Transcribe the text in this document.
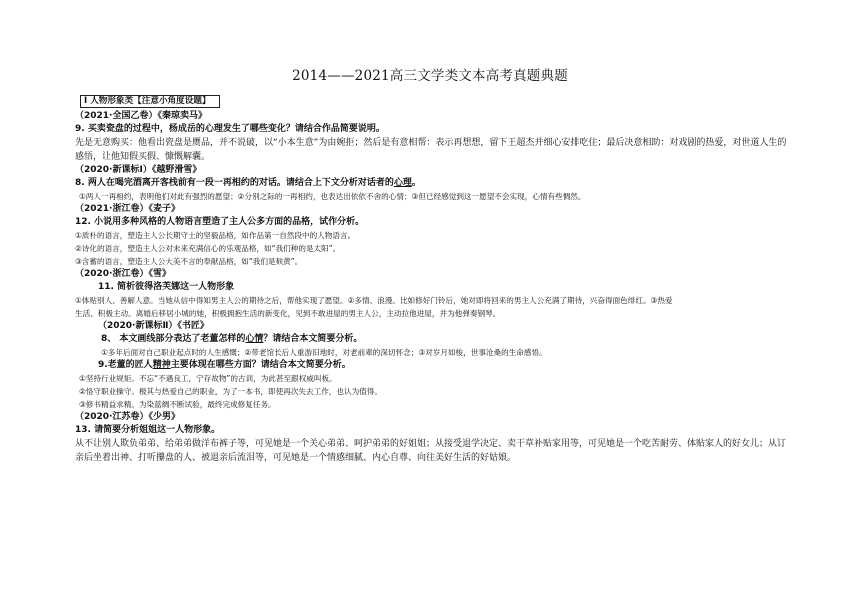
2014——2021高三文学类文本高考真题典题
Ⅰ 人物形象类【注意小角度设题】
（2021·全国乙卷）《秦琼卖马》
9. 买卖瓷盘的过程中，杨成岳的心理发生了哪些变化？请结合作品简要说明。
先是无意购买：他看出瓷盘是赝品，并不说破，以“小本生意”为由婉拒；然后是有意相帮：表示再想想，留下王超杰并细心安排吃住；最后决意相助：对戏剧的热爱，对世道人生的感悟，让他知假买假、慷慨解囊。
（2020·新课标Ⅰ）《越野滑雪》
8. 两人在喝完酒离开客栈前有一段一再相约的对话。请结合上下文分析对话者的心理。
①两人一再相约，表明他们对此有强烈的愿望；②分别之际的一再相约，也表达出依依不舍的心情；③但已经感觉到这一愿望不会实现，心情有些惆然。
（2021·浙江卷）《麦子》
12. 小说用多种风格的人物语言塑造了主人公多方面的品格，试作分析。
①质朴的语言，塑造主人公长期守土的坚毅品格，如作品第一自然段中的人物语言。
②诗化的语言，塑造主人公对未来充满信心的乐观品格，如“我们种的是太阳”。
③含蓄的语言，塑造主人公大美不言的奉献品格，如“我们是麸黄”。
（2020·浙江卷）《雪》
11. 简析彼得洛芙娜这一人物形象
①体贴别人、善解人意。当她从信中得知男主人公的期待之后，帮他实现了愿望。②多情、浪漫。比如修好门铃后，她对即将回来的男主人公充满了期待，兴奋得面色绯红。③热爱
生活、积极主动。离婚后移居小城的她，积极拥抱生活的新变化，见到不敢进屋的男主人公，主动拉他进屋，并为他弹奏钢琴。
（2020·新课标Ⅱ）《书匠》
8、 本文画线部分表达了老董怎样的心情？请结合本文简要分析。
①多年后面对自己职业起点时的人生感慨；②带老馆长后人重游旧地时，对老前辈的深切怀念；③对岁月如梭，世事沧桑的生命感悟。
9.老董的匠人精神主要体现在哪些方面？请结合本文简要分析。
①坚持行业规矩。不忘“不遇良工，宁存故物”的古训，为此甚至跟权威叫板。
②恪守职业操守。极其与热爱自己的职业，为了一本书，即使再次失去工作，也认为值得。
③修书精益求精。为染蓝绸不断试验，最终完成修复任务。
（2020·江苏卷）《少男》
13. 请简要分析姐姐这一人物形象。
从不让别人欺负弟弟、给弟弟做洋布裤子等，可见她是一个关心弟弟、呵护弟弟的好姐姐；从接受退学决定、卖干草补贴家用等，可见她是一个吃苦耐劳、体贴家人的好女儿；从订亲后坐着出神、打听攥盘的人、被退亲后流泪等，可见她是一个情感细腻、内心自尊、向往美好生活的好姑娘。
